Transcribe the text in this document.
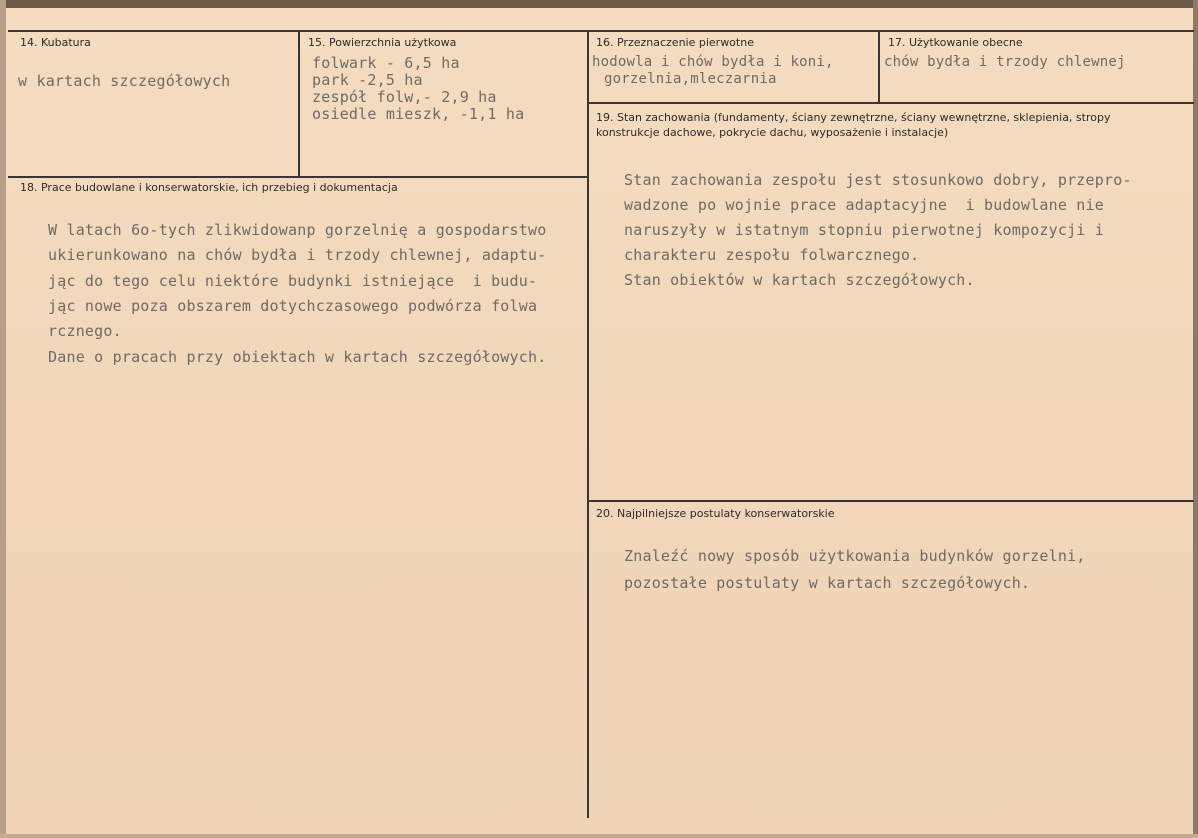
14. Kubatura
w kartach szczegółowych
15. Powierzchnia użytkowa
folwark - 6,5 ha
park -2,5 ha
zespół folw,- 2,9 ha
osiedle mieszk, -1,1 ha
16. Przeznaczenie pierwotne
hodowla i chów bydła i koni,
gorzelnia,mleczarnia
17. Użytkowanie obecne
chów bydła i trzody chlewnej
18. Prace budowlane i konserwatorskie, ich przebieg i dokumentacja
W latach 6o-tych zlikwidowanp gorzelnię a gospodarstwo
ukierunkowano na chów bydła i trzody chlewnej, adaptu-
jąc do tego celu niektóre budynki istniejące  i budu-
jąc nowe poza obszarem dotychczasowego podwórza folwa
rcznego.
Dane o pracach przy obiektach w kartach szczegółowych.
19. Stan zachowania (fundamenty, ściany zewnętrzne, ściany wewnętrzne, sklepienia, stropy konstrukcje dachowe, pokrycie dachu, wyposażenie i instalacje)
Stan zachowania zespołu jest stosunkowo dobry, przepro-
wadzone po wojnie prace adaptacyjne  i budowlane nie
naruszyły w istatnym stopniu pierwotnej kompozycji i
charakteru zespołu folwarcznego.
Stan obiektów w kartach szczegółowych.
20. Najpilniejsze postulaty konserwatorskie
Znaleźć nowy sposób użytkowania budynków gorzelni,
pozostałe postulaty w kartach szczegółowych.
